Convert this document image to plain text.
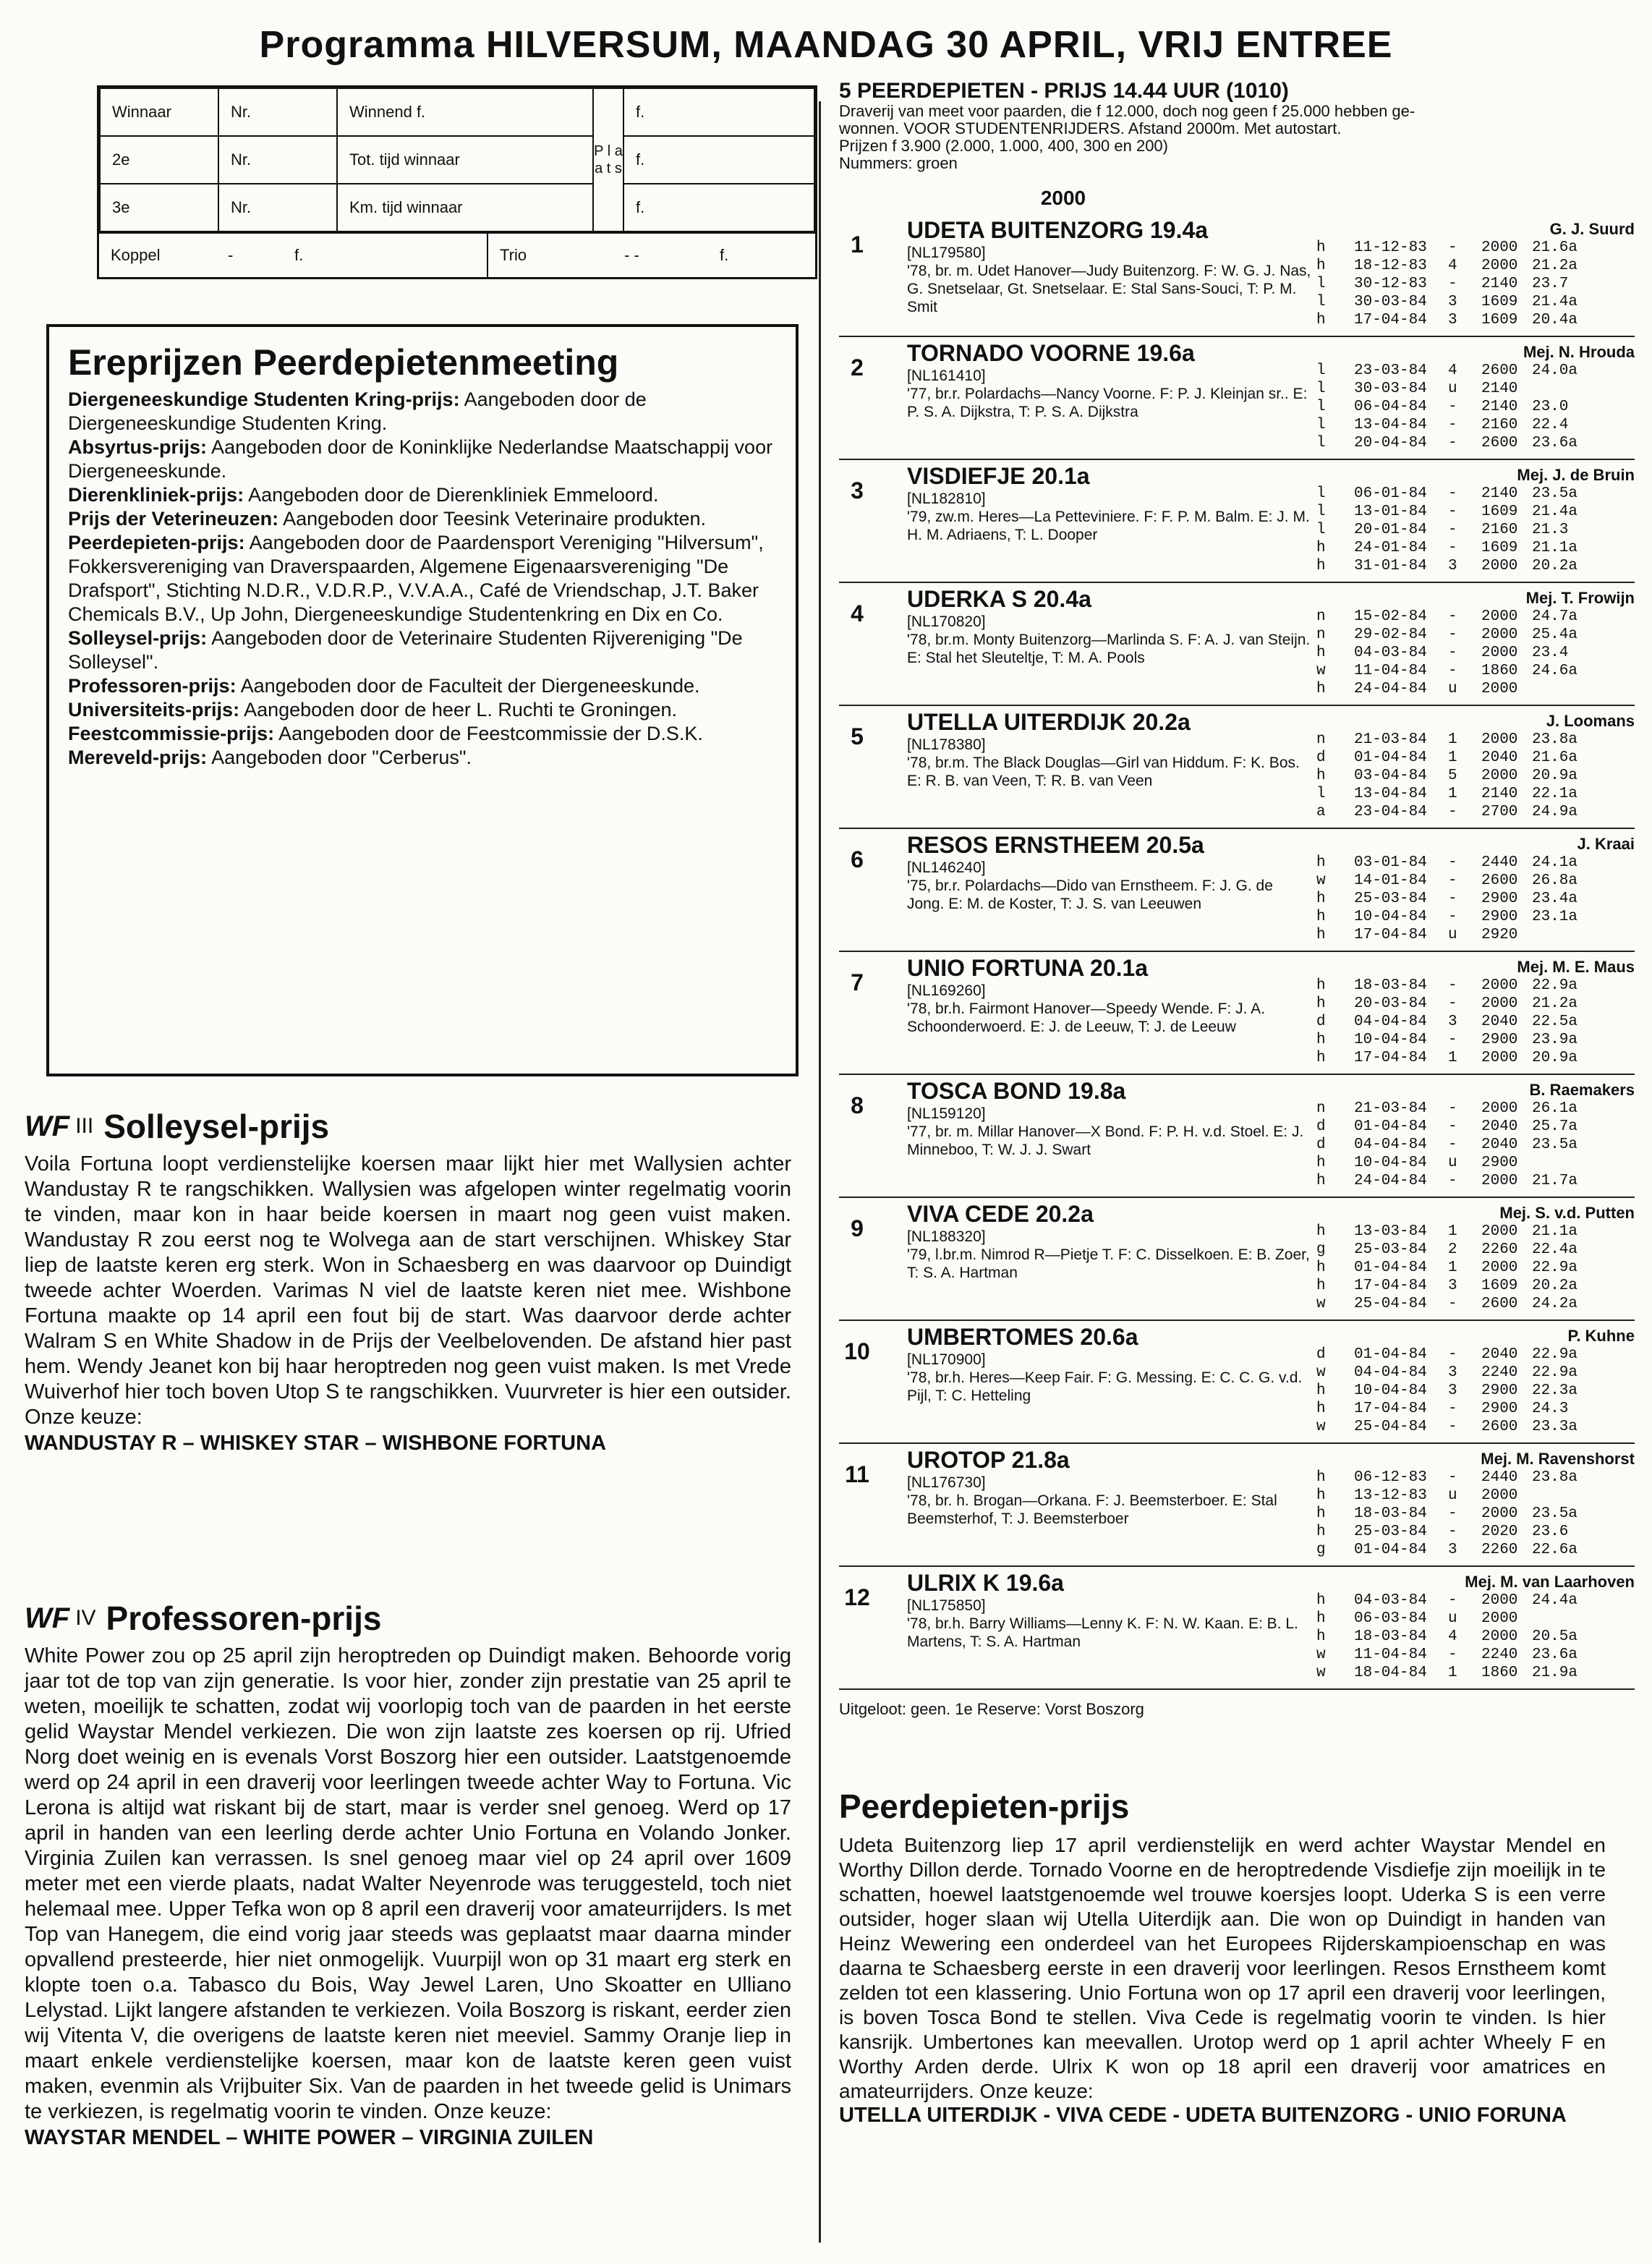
Programma HILVERSUM, MAANDAG 30 APRIL, VRIJ ENTREE
Winnaar	Nr.	Winnend f.	P l a a t s	f.
2e	Nr.	Tot. tijd winnaar		f.
3e	Nr.	Km. tijd winnaar		f.
Koppel	-	f.	Trio	- -	f.
Ereprijzen Peerdepietenmeeting

Diergeneeskundige Studenten Kring-prijs: Aangeboden door de Diergeneeskundige Studenten Kring.

Absyrtus-prijs: Aangeboden door de Koninklijke Nederlandse Maatschappij voor Diergeneeskunde.

Dierenkliniek-prijs: Aangeboden door de Dierenkliniek Emmeloord.

Prijs der Veterineuzen: Aangeboden door Teesink Veterinaire produkten.

Peerdepieten-prijs: Aangeboden door de Paardensport Vereniging "Hilversum", Fokkersvereniging van Draverspaarden, Algemene Eigenaarsvereniging "De Drafsport", Stichting N.D.R., V.D.R.P., V.V.A.A., Café de Vriendschap, J.T. Baker Chemicals B.V., Up John, Diergeneeskundige Studentenkring en Dix en Co.

Solleysel-prijs: Aangeboden door de Veterinaire Studenten Rijvereniging "De Solleysel".

Professoren-prijs: Aangeboden door de Faculteit der Diergeneeskunde.

Universiteits-prijs: Aangeboden door de heer L. Ruchti te Groningen.

Feestcommissie-prijs: Aangeboden door de Feestcommissie der D.S.K.

Mereveld-prijs: Aangeboden door "Cerberus".

WF III Solleysel-prijs

Voila Fortuna loopt verdienstelijke koersen maar lijkt hier met Wallysien achter Wandustay R te rangschikken. Wallysien was afgelopen winter regelmatig voorin te vinden, maar kon in haar beide koersen in maart nog geen vuist maken. Wandustay R zou eerst nog te Wolvega aan de start verschijnen. Whiskey Star liep de laatste keren erg sterk. Won in Schaesberg en was daarvoor op Duindigt tweede achter Woerden. Varimas N viel de laatste keren niet mee. Wishbone Fortuna maakte op 14 april een fout bij de start. Was daarvoor derde achter Walram S en White Shadow in de Prijs der Veelbelovenden. De afstand hier past hem. Wendy Jeanet kon bij haar heroptreden nog geen vuist maken. Is met Vrede Wuiverhof hier toch boven Utop S te rangschikken. Vuurvreter is hier een outsider. Onze keuze:

WANDUSTAY R – WHISKEY STAR – WISHBONE FORTUNA

WF IV Professoren-prijs

White Power zou op 25 april zijn heroptreden op Duindigt maken. Behoorde vorig jaar tot de top van zijn generatie. Is voor hier, zonder zijn prestatie van 25 april te weten, moeilijk te schatten, zodat wij voorlopig toch van de paarden in het eerste gelid Waystar Mendel verkiezen. Die won zijn laatste zes koersen op rij. Ufried Norg doet weinig en is evenals Vorst Boszorg hier een outsider. Laatstgenoemde werd op 24 april in een draverij voor leerlingen tweede achter Way to Fortuna. Vic Lerona is altijd wat riskant bij de start, maar is verder snel genoeg. Werd op 17 april in handen van een leerling derde achter Unio Fortuna en Volando Jonker. Virginia Zuilen kan verrassen. Is snel genoeg maar viel op 24 april over 1609 meter met een vierde plaats, nadat Walter Neyenrode was teruggesteld, toch niet helemaal mee. Upper Tefka won op 8 april een draverij voor amateurrijders. Is met Top van Hanegem, die eind vorig jaar steeds was geplaatst maar daarna minder opvallend presteerde, hier niet onmogelijk. Vuurpijl won op 31 maart erg sterk en klopte toen o.a. Tabasco du Bois, Way Jewel Laren, Uno Skoatter en Ulliano Lelystad. Lijkt langere afstanden te verkiezen. Voila Boszorg is riskant, eerder zien wij Vitenta V, die overigens de laatste keren niet meeviel. Sammy Oranje liep in maart enkele verdienstelijke koersen, maar kon de laatste keren geen vuist maken, evenmin als Vrijbuiter Six. Van de paarden in het tweede gelid is Unimars te verkiezen, is regelmatig voorin te vinden. Onze keuze:

WAYSTAR MENDEL – WHITE POWER – VIRGINIA ZUILEN

5 PEERDEPIETEN - PRIJS 14.44 UUR (1010)

Draverij van meet voor paarden, die f 12.000, doch nog geen f 25.000 hebben ge-

wonnen. VOOR STUDENTENRIJDERS. Afstand 2000m. Met autostart.

Prijzen f 3.900 (2.000, 1.000, 400, 300 en 200)

Nummers: groen

2000
1
UDETA BUITENZORG 19.4a
[NL179580]
'78, br. m. Udet Hanover—Judy Buitenzorg. F: W. G. J. Nas, G. Snetselaar, Gt. Snetselaar. E: Stal Sans-Souci, T: P. M. Smit
G. J. Suurd
h	11-12-83	-	2000 21.6a
h	18-12-83	4	2000 21.2a
l	30-12-83	-	2140 23.7
l	30-03-84	3	1609 21.4a
h	17-04-84	3	1609 20.4a
2
TORNADO VOORNE 19.6a
[NL161410]
'77, br.r. Polardachs—Nancy Voorne. F: P. J. Kleinjan sr.. E: P. S. A. Dijkstra, T: P. S. A. Dijkstra
Mej. N. Hrouda
l	23-03-84	4	2600 24.0a
l	30-03-84	u	2140
l	06-04-84	-	2140 23.0
l	13-04-84	-	2160 22.4
l	20-04-84	-	2600 23.6a
3
VISDIEFJE 20.1a
[NL182810]
'79, zw.m. Heres—La Petteviniere. F: F. P. M. Balm. E: J. M. H. M. Adriaens, T: L. Dooper
Mej. J. de Bruin
l	06-01-84	-	2140 23.5a
l	13-01-84	-	1609 21.4a
l	20-01-84	-	2160 21.3
h	24-01-84	-	1609 21.1a
h	31-01-84	3	2000 20.2a
4
UDERKA S 20.4a
[NL170820]
'78, br.m. Monty Buitenzorg—Marlinda S. F: A. J. van Steijn. E: Stal het Sleuteltje, T: M. A. Pools
Mej. T. Frowijn
n	15-02-84	-	2000 24.7a
n	29-02-84	-	2000 25.4a
h	04-03-84	-	2000 23.4
w	11-04-84	-	1860 24.6a
h	24-04-84	u	2000
5
UTELLA UITERDIJK 20.2a
[NL178380]
'78, br.m. The Black Douglas—Girl van Hiddum. F: K. Bos. E: R. B. van Veen, T: R. B. van Veen
J. Loomans
n	21-03-84	1	2000 23.8a
d	01-04-84	1	2040 21.6a
h	03-04-84	5	2000 20.9a
l	13-04-84	1	2140 22.1a
a	23-04-84	-	2700 24.9a
6
RESOS ERNSTHEEM 20.5a
[NL146240]
'75, br.r. Polardachs—Dido van Ernstheem. F: J. G. de Jong. E: M. de Koster, T: J. S. van Leeuwen
J. Kraai
h	03-01-84	-	2440 24.1a
w	14-01-84	-	2600 26.8a
h	25-03-84	-	2900 23.4a
h	10-04-84	-	2900 23.1a
h	17-04-84	u	2920
7
UNIO FORTUNA 20.1a
[NL169260]
'78, br.h. Fairmont Hanover—Speedy Wende. F: J. A. Schoonderwoerd. E: J. de Leeuw, T: J. de Leeuw
Mej. M. E. Maus
h	18-03-84	-	2000 22.9a
h	20-03-84	-	2000 21.2a
d	04-04-84	3	2040 22.5a
h	10-04-84	-	2900 23.9a
h	17-04-84	1	2000 20.9a
8
TOSCA BOND 19.8a
[NL159120]
'77, br. m. Millar Hanover—X Bond. F: P. H. v.d. Stoel. E: J. Minneboo, T: W. J. J. Swart
B. Raemakers
n	21-03-84	-	2000 26.1a
d	01-04-84	-	2040 25.7a
d	04-04-84	-	2040 23.5a
h	10-04-84	u	2900
h	24-04-84	-	2000 21.7a
9
VIVA CEDE 20.2a
[NL188320]
'79, l.br.m. Nimrod R—Pietje T. F: C. Disselkoen. E: B. Zoer, T: S. A. Hartman
Mej. S. v.d. Putten
h	13-03-84	1	2000 21.1a
g	25-03-84	2	2260 22.4a
h	01-04-84	1	2000 22.9a
h	17-04-84	3	1609 20.2a
w	25-04-84	-	2600 24.2a
10
UMBERTOMES 20.6a
[NL170900]
'78, br.h. Heres—Keep Fair. F: G. Messing. E: C. C. G. v.d. Pijl, T: C. Hetteling
P. Kuhne
d	01-04-84	-	2040 22.9a
w	04-04-84	3	2240 22.9a
h	10-04-84	3	2900 22.3a
h	17-04-84	-	2900 24.3
w	25-04-84	-	2600 23.3a
11
UROTOP 21.8a
[NL176730]
'78, br. h. Brogan—Orkana. F: J. Beemsterboer. E: Stal Beemsterhof, T: J. Beemsterboer
Mej. M. Ravenshorst
h	06-12-83	-	2440 23.8a
h	13-12-83	u	2000
h	18-03-84	-	2000 23.5a
h	25-03-84	-	2020 23.6
g	01-04-84	3	2260 22.6a
12
ULRIX K 19.6a
[NL175850]
'78, br.h. Barry Williams—Lenny K. F: N. W. Kaan. E: B. L. Martens, T: S. A. Hartman
Mej. M. van Laarhoven
h	04-03-84	-	2000 24.4a
h	06-03-84	u	2000
h	18-03-84	4	2000 20.5a
w	11-04-84	-	2240 23.6a
w	18-04-84	1	1860 21.9a

Uitgeloot: geen. 1e Reserve: Vorst Boszorg

Peerdepieten-prijs

Udeta Buitenzorg liep 17 april verdienstelijk en werd achter Waystar Mendel en Worthy Dillon derde. Tornado Voorne en de heroptredende Visdiefje zijn moeilijk in te schatten, hoewel laatstgenoemde wel trouwe koersjes loopt. Uderka S is een verre outsider, hoger slaan wij Utella Uiterdijk aan. Die won op Duindigt in handen van Heinz Wewering een onderdeel van het Europees Rijderskampioenschap en was daarna te Schaesberg eerste in een draverij voor leerlingen. Resos Ernstheem komt zelden tot een klassering. Unio Fortuna won op 17 april een draverij voor leerlingen, is boven Tosca Bond te stellen. Viva Cede is regelmatig voorin te vinden. Is hier kansrijk. Umbertones kan meevallen. Urotop werd op 1 april achter Wheely F en Worthy Arden derde. Ulrix K won op 18 april een draverij voor amatrices en amateurrijders. Onze keuze:

UTELLA UITERDIJK - VIVA CEDE - UDETA BUITENZORG - UNIO FORUNA
